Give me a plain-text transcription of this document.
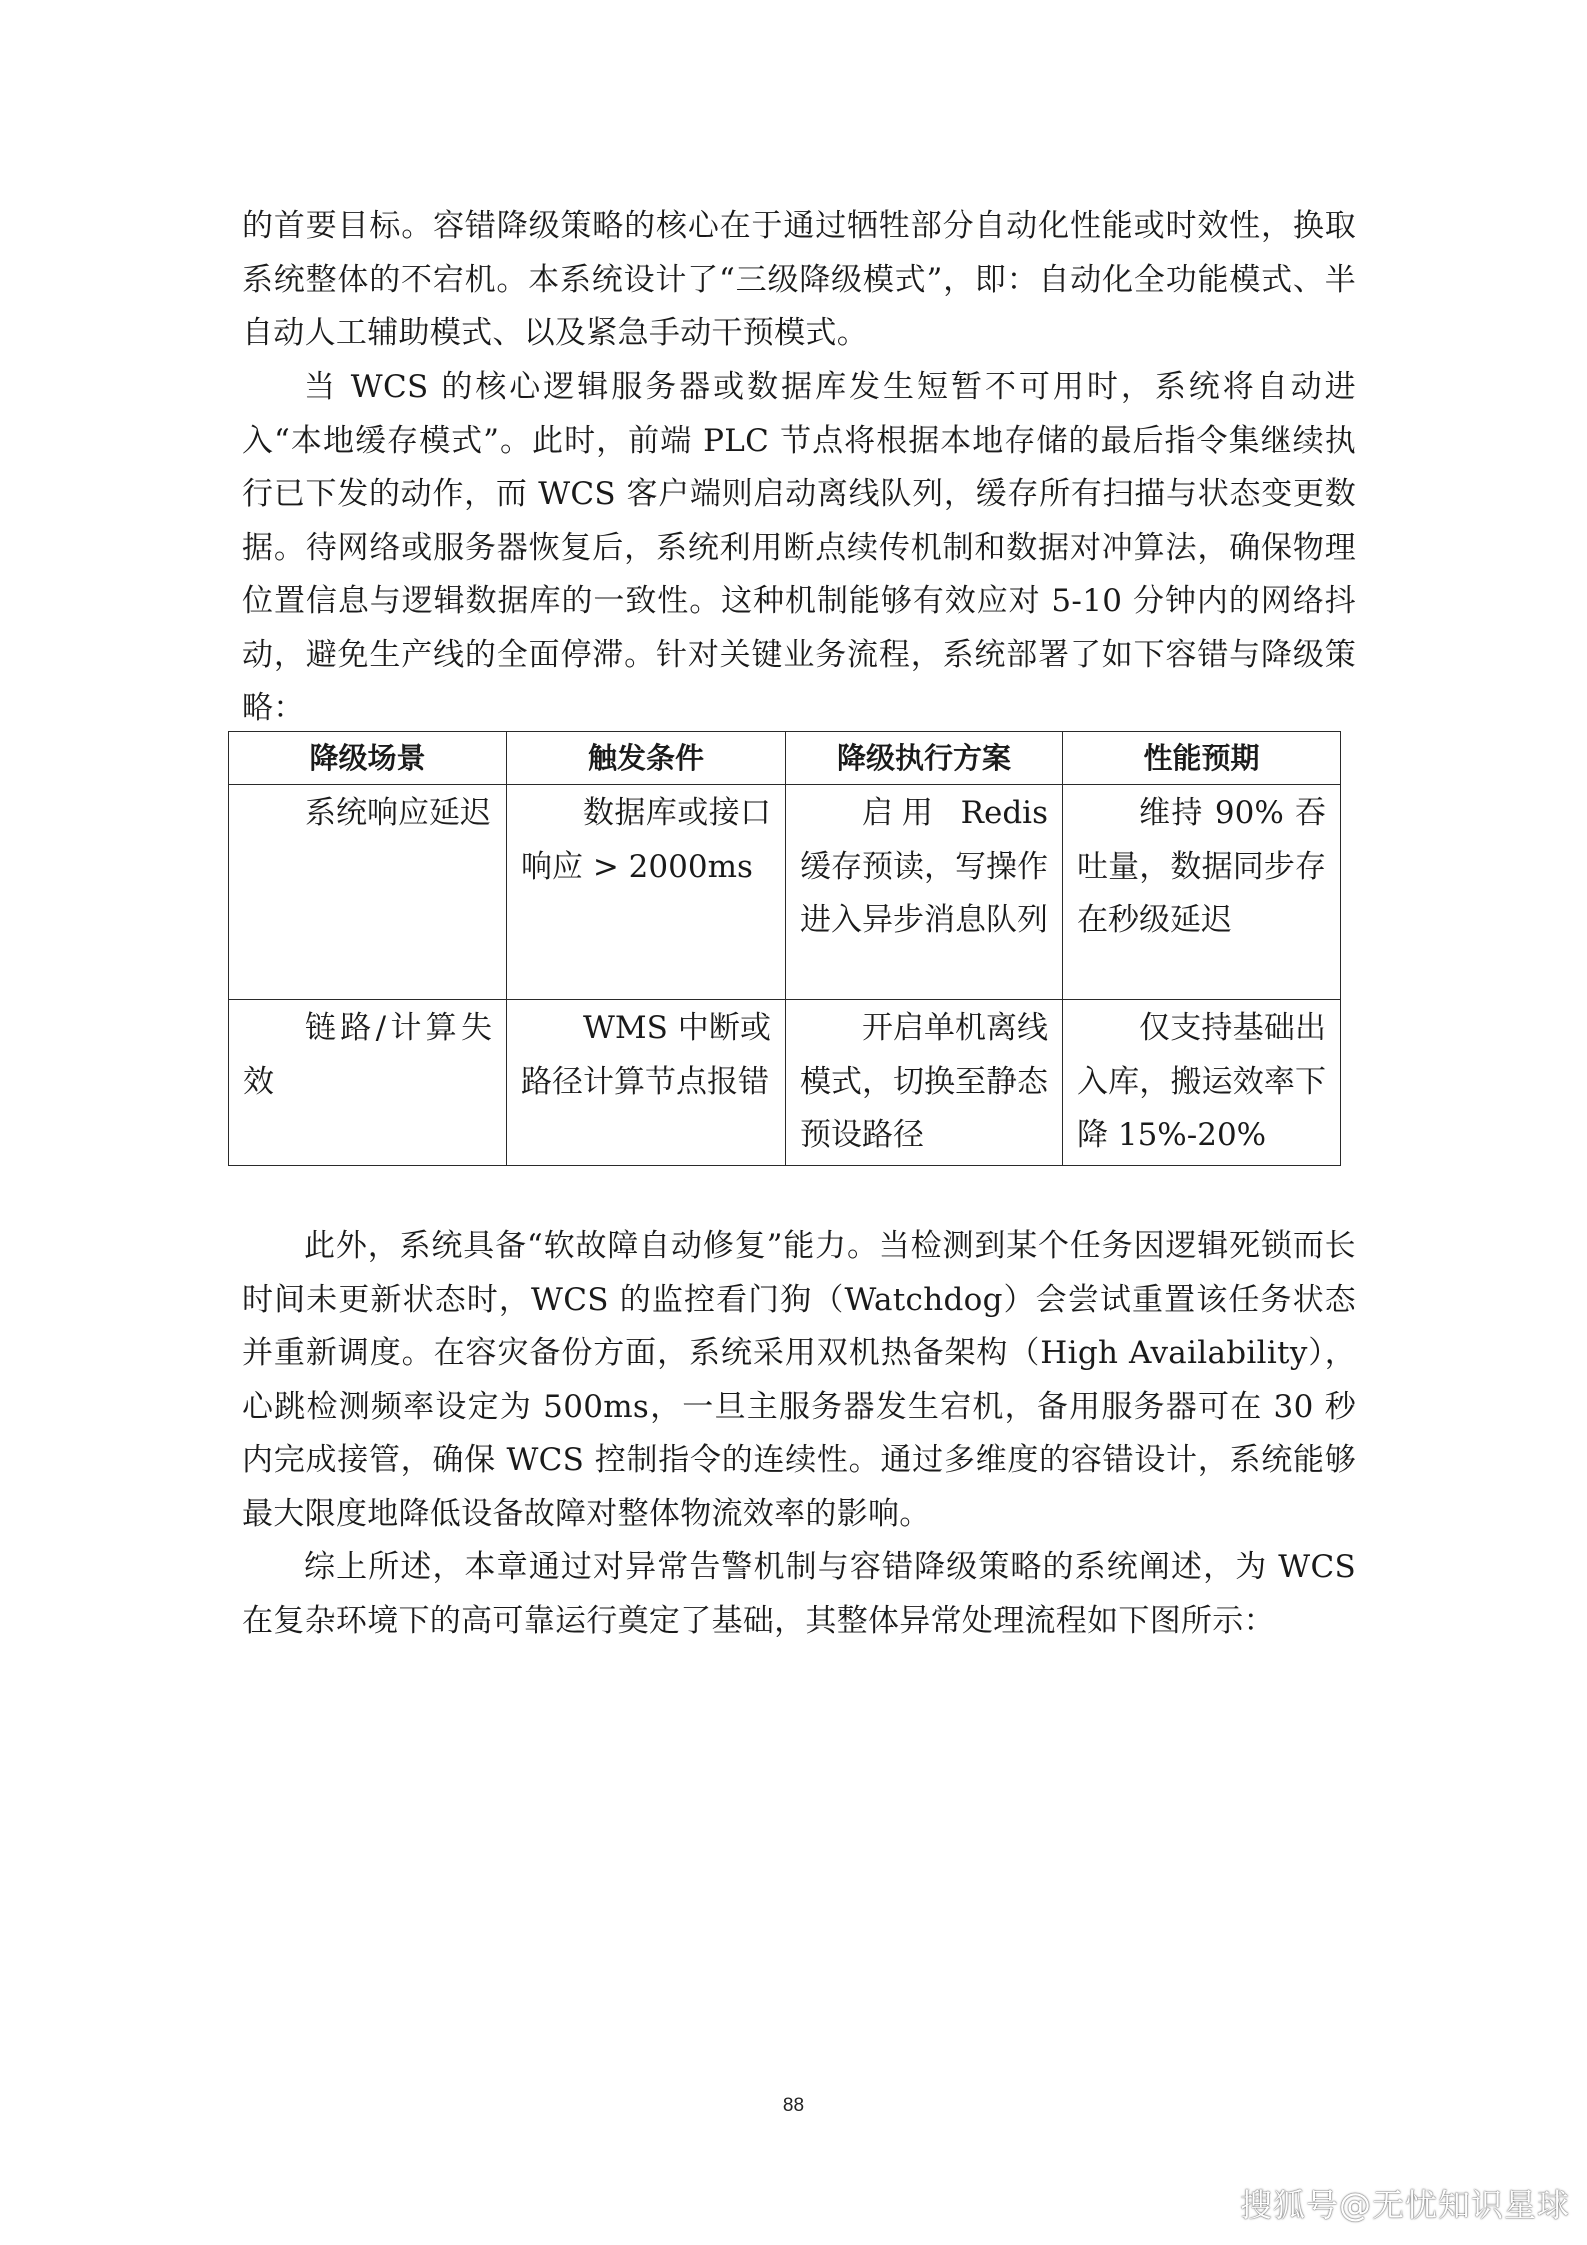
的首要目标。容错降级策略的核心在于通过牺牲部分自动化性能或时效性，换取系统整体的不宕机。本系统设计了“三级降级模式”，即：自动化全功能模式、半自动人工辅助模式、以及紧急手动干预模式。

当 WCS 的核心逻辑服务器或数据库发生短暂不可用时，系统将自动进入“本地缓存模式”。此时，前端 PLC 节点将根据本地存储的最后指令集继续执行已下发的动作，而 WCS 客户端则启动离线队列，缓存所有扫描与状态变更数据。待网络或服务器恢复后，系统利用断点续传机制和数据对冲算法，确保物理位置信息与逻辑数据库的一致性。这种机制能够有效应对 5-10 分钟内的网络抖动，避免生产线的全面停滞。针对关键业务流程，系统部署了如下容错与降级策略：

降级场景	触发条件	降级执行方案	性能预期

系统响应延迟	数据库或接口响应 > 2000ms	启用 Redis 缓存预读，写操作进入异步消息队列	维持 90% 吞吐量，数据同步存在秒级延迟

链路/计算失效	WMS 中断或路径计算节点报错	开启单机离线模式，切换至静态预设路径	仅支持基础出入库，搬运效率下降 15%-20%

此外，系统具备“软故障自动修复”能力。当检测到某个任务因逻辑死锁而长时间未更新状态时，WCS 的监控看门狗（Watchdog）会尝试重置该任务状态并重新调度。在容灾备份方面，系统采用双机热备架构（High Availability），心跳检测频率设定为 500ms，一旦主服务器发生宕机，备用服务器可在 30 秒内完成接管，确保 WCS 控制指令的连续性。通过多维度的容错设计，系统能够最大限度地降低设备故障对整体物流效率的影响。

综上所述，本章通过对异常告警机制与容错降级策略的系统阐述，为 WCS 在复杂环境下的高可靠运行奠定了基础，其整体异常处理流程如下图所示：

88
搜狐号@无忧知识星球
